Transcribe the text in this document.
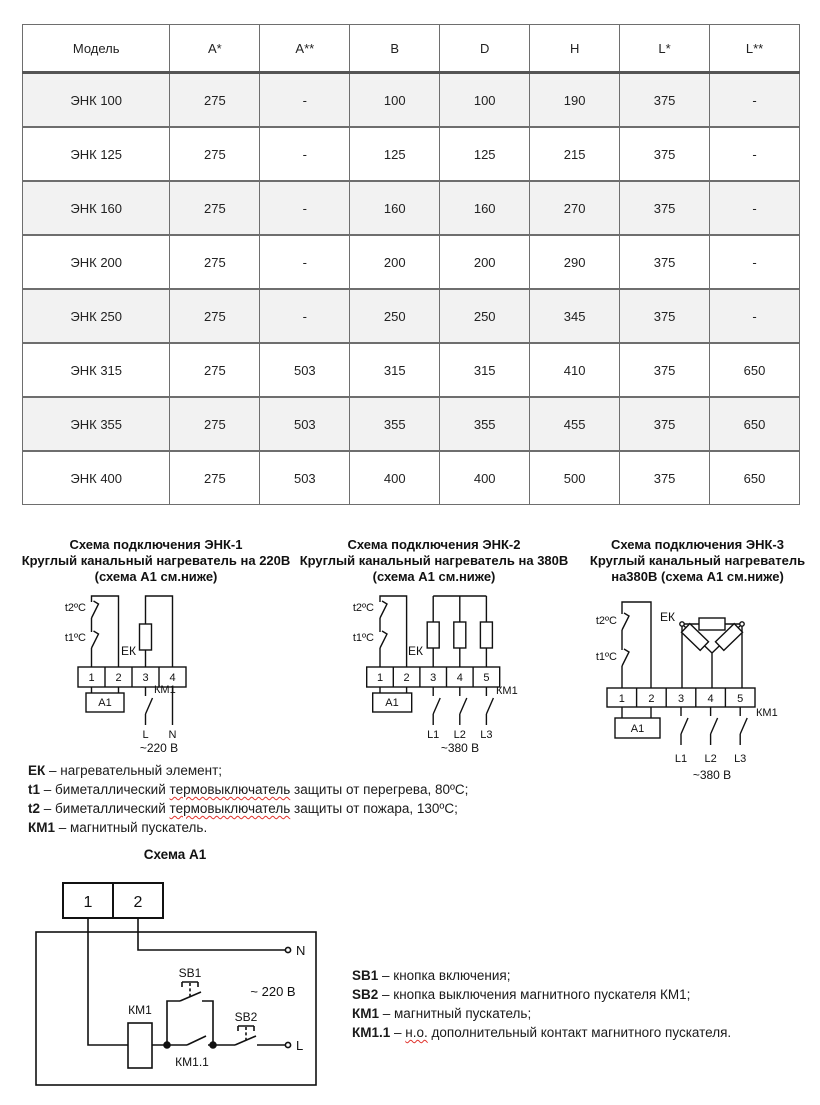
Модель	A*	A**	B	D	H	L*	L**
ЭНК 100	275	-	100	100	190	375	-
ЭНК 125	275	-	125	125	215	375	-
ЭНК 160	275	-	160	160	270	375	-
ЭНК 200	275	-	200	200	290	375	-
ЭНК 250	275	-	250	250	345	375	-
ЭНК 315	275	503	315	315	410	375	650
ЭНК 355	275	503	355	355	455	375	650
ЭНК 400	275	503	400	400	500	375	650
Схема подключения ЭНК-1
Круглый канальный нагреватель на 220В
(схема А1 см.ниже)
t2ºC
t1ºC
ЕК
1 2 3 4
А1
КМ1
L N
~220 В
Схема подключения ЭНК-2
Круглый канальный нагреватель на 380В
(схема А1 см.ниже)
t2ºC
t1ºC
ЕК
1 2 3 4 5
А1
КМ1
L1 L2 L3
~380 В
Схема подключения ЭНК-3
Круглый канальный нагреватель
на380В (схема А1 см.ниже)
t2ºC
t1ºC
ЕК
1 2 3 4 5
А1
КМ1
L1 L2 L3
~380 В
ЕК – нагревательный элемент;
t1 – биметаллический термовыключатель защиты от перегрева, 80ºС;
t2 – биметаллический термовыключатель защиты от пожара, 130ºС;
КМ1 – магнитный пускатель.
Схема А1
1	2
КМ1
КМ1.1
SB1
SB2
~ 220 В
N
L
SB1 – кнопка включения;
SB2 – кнопка выключения магнитного пускателя КМ1;
КМ1 – магнитный пускатель;
КМ1.1 – н.о. дополнительный контакт магнитного пускателя.
